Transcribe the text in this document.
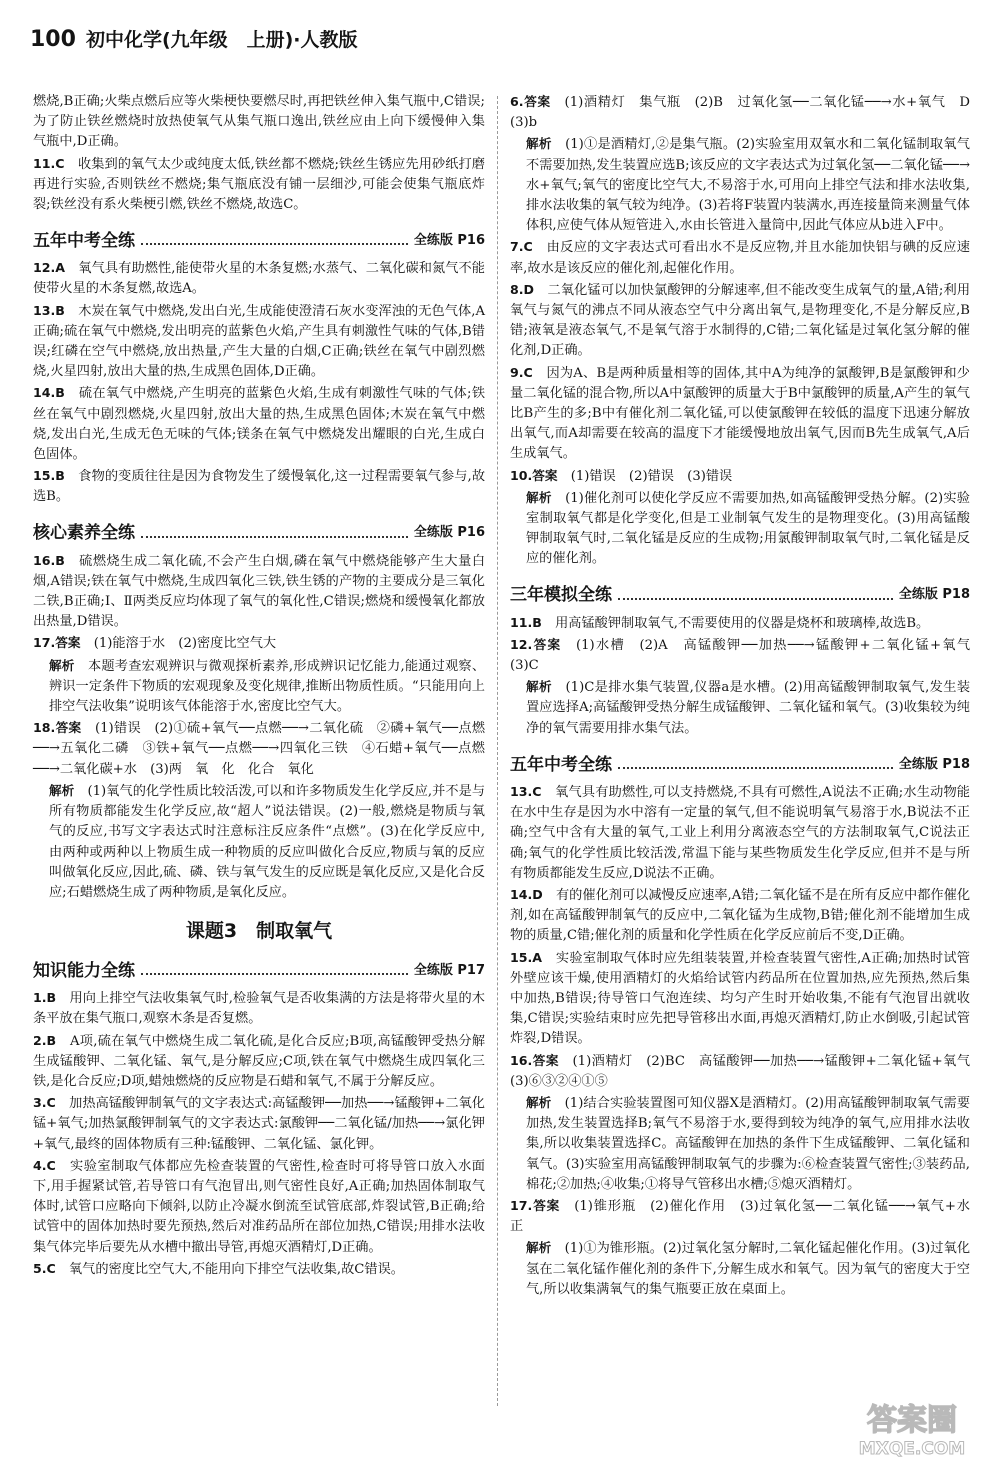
100 初中化学(九年级　上册)·人教版

燃烧,B正确;火柴点燃后应等火柴梗快要燃尽时,再把铁丝伸入集气瓶中,C错误;为了防止铁丝燃烧时放热使氧气从集气瓶口逸出,铁丝应由上向下缓慢伸入集气瓶中,D正确。

11.C　 收集到的氧气太少或纯度太低,铁丝都不燃烧;铁丝生锈应先用砂纸打磨再进行实验,否则铁丝不燃烧;集气瓶底没有铺一层细沙,可能会使集气瓶底炸裂;铁丝没有系火柴梗引燃,铁丝不燃烧,故选C。

五年中考全练	全练版 P16

12.A　 氧气具有助燃性,能使带火星的木条复燃;水蒸气、二氧化碳和氮气不能使带火星的木条复燃,故选A。

13.B　 木炭在氧气中燃烧,发出白光,生成能使澄清石灰水变浑浊的无色气体,A正确;硫在氧气中燃烧,发出明亮的蓝紫色火焰,产生具有刺激性气味的气体,B错误;红磷在空气中燃烧,放出热量,产生大量的白烟,C正确;铁丝在氧气中剧烈燃烧,火星四射,放出大量的热,生成黑色固体,D正确。

14.B　 硫在氧气中燃烧,产生明亮的蓝紫色火焰,生成有刺激性气味的气体;铁丝在氧气中剧烈燃烧,火星四射,放出大量的热,生成黑色固体;木炭在氧气中燃烧,发出白光,生成无色无味的气体;镁条在氧气中燃烧发出耀眼的白光,生成白色固体。

15.B　 食物的变质往往是因为食物发生了缓慢氧化,这一过程需要氧气参与,故选B。

核心素养全练	全练版 P16

16.B　 硫燃烧生成二氧化硫,不会产生白烟,磷在氧气中燃烧能够产生大量白烟,A错误;铁在氧气中燃烧,生成四氧化三铁,铁生锈的产物的主要成分是三氧化二铁,B正确;Ⅰ、Ⅱ两类反应均体现了氧气的氧化性,C错误;燃烧和缓慢氧化都放出热量,D错误。

17.答案　 (1)能溶于水　(2)密度比空气大

解析　 本题考查宏观辨识与微观探析素养,形成辨识记忆能力,能通过观察、辨识一定条件下物质的宏观现象及变化规律,推断出物质性质。“只能用向上排空气法收集”说明该气体能溶于水,密度比空气大。

18.答案　 (1)错误　(2)①硫+氧气──点燃──→二氧化硫　②磷+氧气──点燃──→五氧化二磷　③铁+氧气──点燃──→四氧化三铁　④石蜡+氧气──点燃──→二氧化碳+水　(3)两　氧　化　化合　氧化

解析　 (1)氧气的化学性质比较活泼,可以和许多物质发生化学反应,并不是与所有物质都能发生化学反应,故“超人”说法错误。(2)一般,燃烧是物质与氧气的反应,书写文字表达式时注意标注反应条件“点燃”。(3)在化学反应中,由两种或两种以上物质生成一种物质的反应叫做化合反应,物质与氧的反应叫做氧化反应,因此,硫、磷、铁与氧气发生的反应既是氧化反应,又是化合反应;石蜡燃烧生成了两种物质,是氧化反应。

课题3　制取氧气
知识能力全练	全练版 P17

1.B　 用向上排空气法收集氧气时,检验氧气是否收集满的方法是将带火星的木条平放在集气瓶口,观察木条是否复燃。

2.B　 A项,硫在氧气中燃烧生成二氧化硫,是化合反应;B项,高锰酸钾受热分解生成锰酸钾、二氧化锰、氧气,是分解反应;C项,铁在氧气中燃烧生成四氧化三铁,是化合反应;D项,蜡烛燃烧的反应物是石蜡和氧气,不属于分解反应。

3.C　 加热高锰酸钾制氧气的文字表达式:高锰酸钾──加热──→锰酸钾+二氧化锰+氧气;加热氯酸钾制氧气的文字表达式:氯酸钾──二氧化锰/加热──→氯化钾+氧气,最终的固体物质有三种:锰酸钾、二氧化锰、氯化钾。

4.C　 实验室制取气体都应先检查装置的气密性,检查时可将导管口放入水面下,用手握紧试管,若导管口有气泡冒出,则气密性良好,A正确;加热固体制取气体时,试管口应略向下倾斜,以防止冷凝水倒流至试管底部,炸裂试管,B正确;给试管中的固体加热时要先预热,然后对准药品所在部位加热,C错误;用排水法收集气体完毕后要先从水槽中撤出导管,再熄灭酒精灯,D正确。

5.C　 氧气的密度比空气大,不能用向下排空气法收集,故C错误。

6.答案　 (1)酒精灯　集气瓶　(2)B　过氧化氢──二氧化锰──→水+氧气　D　(3)b

解析　 (1)①是酒精灯,②是集气瓶。(2)实验室用双氧水和二氧化锰制取氧气不需要加热,发生装置应选B;该反应的文字表达式为过氧化氢──二氧化锰──→水+氧气;氧气的密度比空气大,不易溶于水,可用向上排空气法和排水法收集,排水法收集的氧气较为纯净。(3)若将F装置内装满水,再连接量筒来测量气体体积,应使气体从短管进入,水由长管进入量筒中,因此气体应从b进入F中。

7.C　 由反应的文字表达式可看出水不是反应物,并且水能加快铝与碘的反应速率,故水是该反应的催化剂,起催化作用。

8.D　 二氧化锰可以加快氯酸钾的分解速率,但不能改变生成氧气的量,A错;利用氧气与氮气的沸点不同从液态空气中分离出氧气,是物理变化,不是分解反应,B错;液氧是液态氧气,不是氧气溶于水制得的,C错;二氧化锰是过氧化氢分解的催化剂,D正确。

9.C　 因为A、B是两种质量相等的固体,其中A为纯净的氯酸钾,B是氯酸钾和少量二氧化锰的混合物,所以A中氯酸钾的质量大于B中氯酸钾的质量,A产生的氧气比B产生的多;B中有催化剂二氧化锰,可以使氯酸钾在较低的温度下迅速分解放出氧气,而A却需要在较高的温度下才能缓慢地放出氧气,因而B先生成氧气,A后生成氧气。

10.答案　 (1)错误　(2)错误　(3)错误

解析　 (1)催化剂可以使化学反应不需要加热,如高锰酸钾受热分解。(2)实验室制取氧气都是化学变化,但是工业制氧气发生的是物理变化。(3)用高锰酸钾制取氧气时,二氧化锰是反应的生成物;用氯酸钾制取氧气时,二氧化锰是反应的催化剂。

三年模拟全练	全练版 P18

11.B　 用高锰酸钾制取氧气,不需要使用的仪器是烧杯和玻璃棒,故选B。

12.答案　 (1)水槽　(2)A　高锰酸钾──加热──→锰酸钾+二氧化锰+氧气　(3)C

解析　 (1)C是排水集气装置,仪器a是水槽。(2)用高锰酸钾制取氧气,发生装置应选择A;高锰酸钾受热分解生成锰酸钾、二氧化锰和氧气。(3)收集较为纯净的氧气需要用排水集气法。

五年中考全练	全练版 P18

13.C　 氧气具有助燃性,可以支持燃烧,不具有可燃性,A说法不正确;水生动物能在水中生存是因为水中溶有一定量的氧气,但不能说明氧气易溶于水,B说法不正确;空气中含有大量的氧气,工业上利用分离液态空气的方法制取氧气,C说法正确;氧气的化学性质比较活泼,常温下能与某些物质发生化学反应,但并不是与所有物质都能发生反应,D说法不正确。

14.D　 有的催化剂可以减慢反应速率,A错;二氧化锰不是在所有反应中都作催化剂,如在高锰酸钾制氧气的反应中,二氧化锰为生成物,B错;催化剂不能增加生成物的质量,C错;催化剂的质量和化学性质在化学反应前后不变,D正确。

15.A　 实验室制取气体时应先组装装置,并检查装置气密性,A正确;加热时试管外壁应该干燥,使用酒精灯的火焰给试管内药品所在位置加热,应先预热,然后集中加热,B错误;待导管口气泡连续、均匀产生时开始收集,不能有气泡冒出就收集,C错误;实验结束时应先把导管移出水面,再熄灭酒精灯,防止水倒吸,引起试管炸裂,D错误。

16.答案　 (1)酒精灯　(2)BC　高锰酸钾──加热──→锰酸钾+二氧化锰+氧气　(3)⑥③②④①⑤

解析　 (1)结合实验装置图可知仪器X是酒精灯。(2)用高锰酸钾制取氧气需要加热,发生装置选择B;氧气不易溶于水,要得到较为纯净的氧气,应用排水法收集,所以收集装置选择C。高锰酸钾在加热的条件下生成锰酸钾、二氧化锰和氧气。(3)实验室用高锰酸钾制取氧气的步骤为:⑥检查装置气密性;③装药品,棉花;②加热;④收集;①将导气管移出水槽;⑤熄灭酒精灯。

17.答案　 (1)锥形瓶　(2)催化作用　(3)过氧化氢──二氧化锰──→氧气+水　正

解析　 (1)①为锥形瓶。(2)过氧化氢分解时,二氧化锰起催化作用。(3)过氧化氢在二氧化锰作催化剂的条件下,分解生成水和氧气。因为氧气的密度大于空气,所以收集满氧气的集气瓶要正放在桌面上。

答案圈
MXQE.COM
